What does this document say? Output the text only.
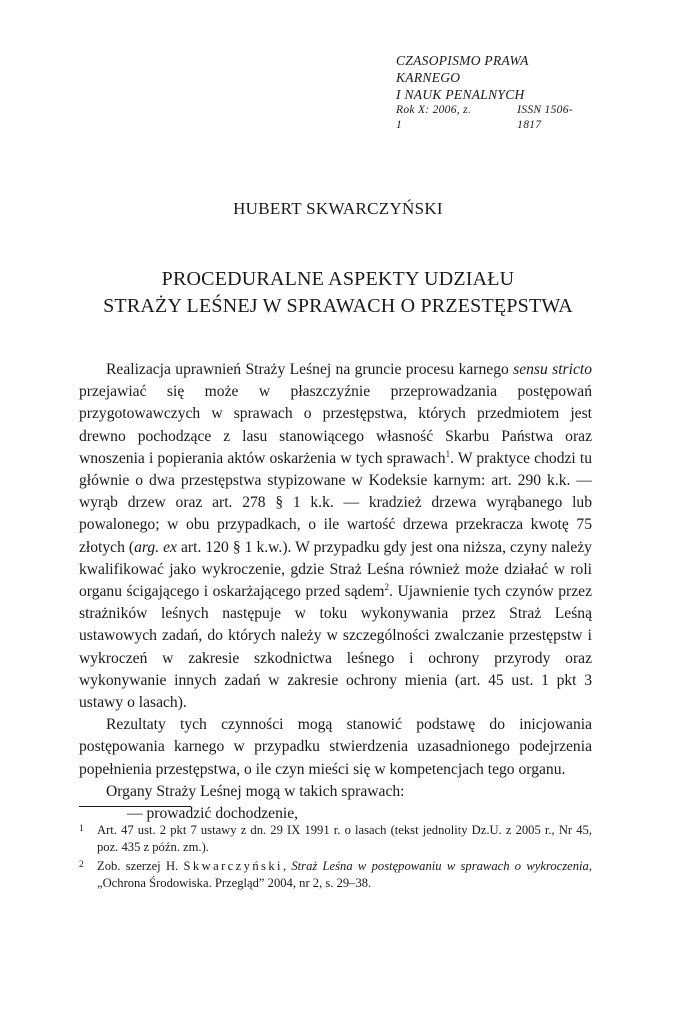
CZASOPISMO PRAWA KARNEGO
I NAUK PENALNYCH
Rok X: 2006, z. 1
ISSN 1506-1817
HUBERT SKWARCZYŃSKI
PROCEDURALNE ASPEKTY UDZIAŁU
STRAŻY LEŚNEJ W SPRAWACH O PRZESTĘPSTWA

Realizacja uprawnień Straży Leśnej na gruncie procesu karnego sensu stricto przejawiać się może w płaszczyźnie przeprowadzania postępowań przygotowawczych w sprawach o przestępstwa, których przedmiotem jest drewno pochodzące z lasu stanowiącego własność Skarbu Państwa oraz wnoszenia i popierania aktów oskarżenia w tych sprawach$^1$. W praktyce chodzi tu głównie o dwa przestępstwa stypizowane w Kodeksie karnym: art. 290 k.k. — wyrąb drzew oraz art. 278 § 1 k.k. — kradzież drzewa wyrąbanego lub powalonego; w obu przypadkach, o ile wartość drzewa przekracza kwotę 75 złotych (arg. ex art. 120 § 1 k.w.). W przypadku gdy jest ona niższa, czyny należy kwalifikować jako wykroczenie, gdzie Straż Leśna również może działać w roli organu ścigającego i oskarżającego przed sądem$^2$. Ujawnienie tych czynów przez strażników leśnych następuje w toku wykonywania przez Straż Leśną ustawowych zadań, do których należy w szczególności zwalczanie przestępstw i wykroczeń w zakresie szkodnictwa leśnego i ochrony przyrody oraz wykonywanie innych zadań w zakresie ochrony mienia (art. 45 ust. 1 pkt 3 ustawy o lasach).

Rezultaty tych czynności mogą stanowić podstawę do inicjowania postępowania karnego w przypadku stwierdzenia uzasadnionego podejrzenia popełnienia przestępstwa, o ile czyn mieści się w kompetencjach tego organu.

Organy Straży Leśnej mogą w takich sprawach:

— prowadzić dochodzenie,

1	Art. 47 ust. 2 pkt 7 ustawy z dn. 29 IX 1991 r. o lasach (tekst jednolity Dz.U. z 2005 r., Nr 45, poz. 435 z późn. zm.).
2	Zob. szerzej H. Skwarczyński, Straż Leśna w postępowaniu w sprawach o wykroczenia, „Ochrona Środowiska. Przegląd” 2004, nr 2, s. 29–38.
